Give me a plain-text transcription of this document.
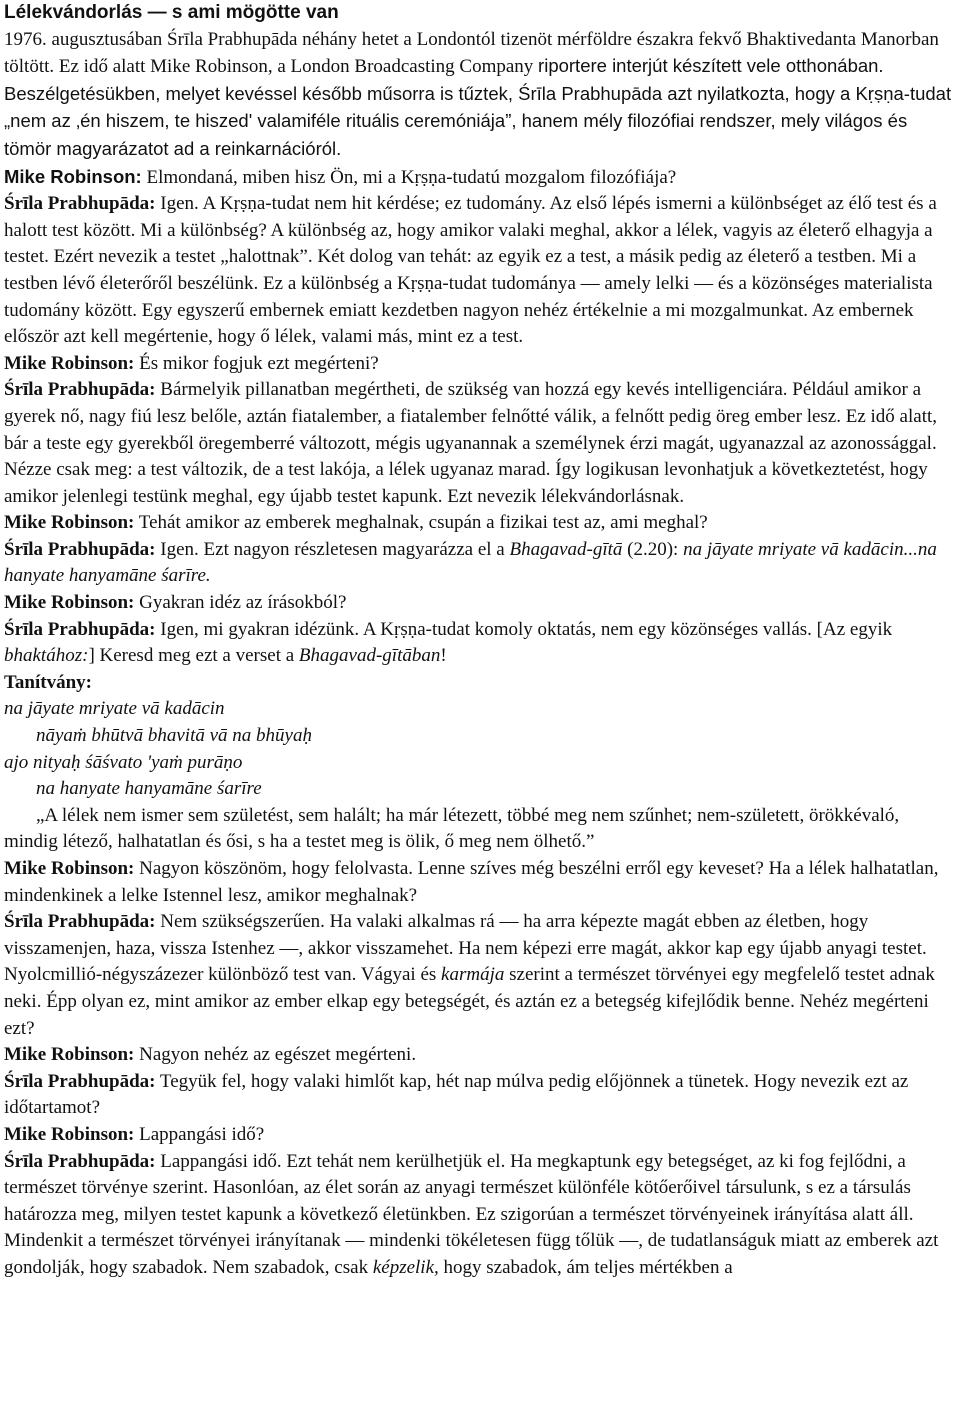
Lélekvándorlás — s ami mögötte van
1976. augusztusában Śrīla Prabhupāda néhány hetet a Londontól tizenöt mérföldre északra fekvő Bhaktivedanta Manorban töltött. Ez idő alatt Mike Robinson, a London Broadcasting Company riportere interjút készített vele otthonában. Beszélgetésükben, melyet kevéssel később műsorra is tűztek, Śrīla Prabhupāda azt nyilatkozta, hogy a Kṛṣṇa-tudat „nem az ‚én hiszem, te hiszed' valamiféle rituális ceremóniája”, hanem mély filozófiai rendszer, mely világos és tömör magyarázatot ad a reinkarnációról.
Mike Robinson: Elmondaná, miben hisz Ön, mi a Kṛṣṇa-tudatú mozgalom filozófiája?
Śrīla Prabhupāda: Igen. A Kṛṣṇa-tudat nem hit kérdése; ez tudomány. Az első lépés ismerni a különbséget az élő test és a halott test között. Mi a különbség? A különbség az, hogy amikor valaki meghal, akkor a lélek, vagyis az életerő elhagyja a testet. Ezért nevezik a testet „halottnak”. Két dolog van tehát: az egyik ez a test, a másik pedig az életerő a testben. Mi a testben lévő életerőről beszélünk. Ez a különbség a Kṛṣṇa-tudat tudománya — amely lelki — és a közönséges materialista tudomány között. Egy egyszerű embernek emiatt kezdetben nagyon nehéz értékelnie a mi mozgalmunkat. Az embernek először azt kell megértenie, hogy ő lélek, valami más, mint ez a test.
Mike Robinson: És mikor fogjuk ezt megérteni?
Śrīla Prabhupāda: Bármelyik pillanatban megértheti, de szükség van hozzá egy kevés intelligenciára. Például amikor a gyerek nő, nagy fiú lesz belőle, aztán fiatalember, a fiatalember felnőtté válik, a felnőtt pedig öreg ember lesz. Ez idő alatt, bár a teste egy gyerekből öregemberré változott, mégis ugyanannak a személynek érzi magát, ugyanazzal az azonossággal. Nézze csak meg: a test változik, de a test lakója, a lélek ugyanaz marad. Így logikusan levonhatjuk a következtetést, hogy amikor jelenlegi testünk meghal, egy újabb testet kapunk. Ezt nevezik lélekvándorlásnak.
Mike Robinson: Tehát amikor az emberek meghalnak, csupán a fizikai test az, ami meghal?
Śrīla Prabhupāda: Igen. Ezt nagyon részletesen magyarázza el a Bhagavad-gītā (2.20): na jāyate mriyate vā kadācin...na hanyate hanyamāne śarīre.
Mike Robinson: Gyakran idéz az írásokból?
Śrīla Prabhupāda: Igen, mi gyakran idézünk. A Kṛṣṇa-tudat komoly oktatás, nem egy közönséges vallás. [Az egyik bhaktához:] Keresd meg ezt a verset a Bhagavad-gītāban!
Tanítvány:
na jāyate mriyate vā kadācin
nāyaṁ bhūtvā bhavitā vā na bhūyaḥ
ajo nityaḥ śāśvato 'yaṁ purāṇo
na hanyate hanyamāne śarīre
„A lélek nem ismer sem születést, sem halált; ha már létezett, többé meg nem szűnhet; nem-született, örökkévaló, mindig létező, halhatatlan és ősi, s ha a testet meg is ölik, ő meg nem ölhető.”
Mike Robinson: Nagyon köszönöm, hogy felolvasta. Lenne szíves még beszélni erről egy keveset? Ha a lélek halhatatlan, mindenkinek a lelke Istennel lesz, amikor meghalnak?
Śrīla Prabhupāda: Nem szükségszerűen. Ha valaki alkalmas rá — ha arra képezte magát ebben az életben, hogy visszamenjen, haza, vissza Istenhez —, akkor visszamehet. Ha nem képezi erre magát, akkor kap egy újabb anyagi testet. Nyolcmillió-négyszázezer különböző test van. Vágyai és karmája szerint a természet törvényei egy megfelelő testet adnak neki. Épp olyan ez, mint amikor az ember elkap egy betegségét, és aztán ez a betegség kifejlődik benne. Nehéz megérteni ezt?
Mike Robinson: Nagyon nehéz az egészet megérteni.
Śrīla Prabhupāda: Tegyük fel, hogy valaki himlőt kap, hét nap múlva pedig előjönnek a tünetek. Hogy nevezik ezt az időtartamot?
Mike Robinson: Lappangási idő?
Śrīla Prabhupāda: Lappangási idő. Ezt tehát nem kerülhetjük el. Ha megkaptunk egy betegséget, az ki fog fejlődni, a természet törvénye szerint. Hasonlóan, az élet során az anyagi természet különféle kötőerőivel társulunk, s ez a társulás határozza meg, milyen testet kapunk a következő életünkben. Ez szigorúan a természet törvényeinek irányítása alatt áll. Mindenkit a természet törvényei irányítanak — mindenki tökéletesen függ tőlük —, de tudatlanságuk miatt az emberek azt gondolják, hogy szabadok. Nem szabadok, csak képzelik, hogy szabadok, ám teljes mértékben a
